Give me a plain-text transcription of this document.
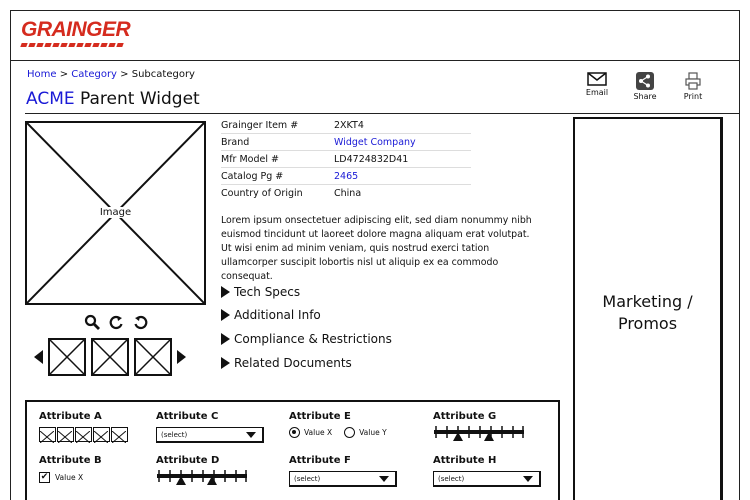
GRAINGER
Home > Category > Subcategory
ACME Parent Widget	Email	Share	Print
Image
Grainger Item #	2XKT4
Brand	Widget Company
Mfr Model #	LD4724832D41
Catalog Pg #	2465
Country of Origin	China
Lorem ipsum onsectetuer adipiscing elit, sed diam nonummy nibh euismod tincidunt ut laoreet dolore magna aliquam erat volutpat. Ut wisi enim ad minim veniam, quis nostrud exerci tation ullamcorper suscipit lobortis nisl ut aliquip ex ea commodo consequat.
Tech Specs
Additional Info
Compliance & Restrictions
Related Documents
Marketing /
Promos
Attribute A
Attribute B
✔ Value X
Attribute C
(select)
Attribute D
Attribute E
Value X	Value Y
Attribute F
(select)
Attribute G
Attribute H
(select)
